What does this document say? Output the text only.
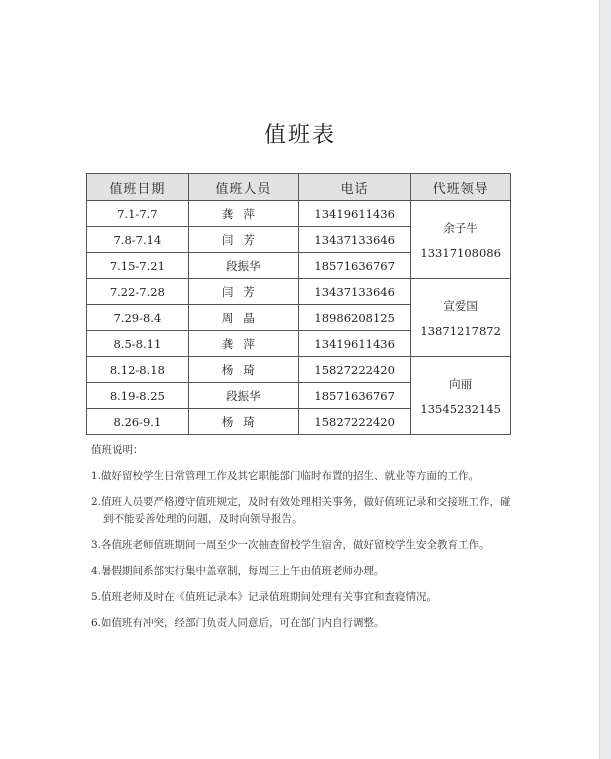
值班表
值班日期	值班人员	电话	代班领导
7.1-7.7	龚萍	13419611436	余子牛
13317108086
7.8-7.14	闫芳	13437133646	
7.15-7.21	段振华	18571636767	
7.22-7.28	闫芳	13437133646	宣爱国
13871217872
7.29-8.4	周晶	18986208125	
8.5-8.11	龚萍	13419611436	
8.12-8.18	杨琦	15827222420	向丽
13545232145
8.19-8.25	段振华	18571636767	
8.26-9.1	杨琦	15827222420	
值班说明：
1.做好留校学生日常管理工作及其它职能部门临时布置的招生、就业等方面的工作。
2.值班人员要严格遵守值班规定，及时有效处理相关事务，做好值班记录和交接班工作，碰
到不能妥善处理的问题，及时向领导报告。
3.各值班老师值班期间一周至少一次抽查留校学生宿舍，做好留校学生安全教育工作。
4.暑假期间系部实行集中盖章制，每周三上午由值班老师办理。
5.值班老师及时在《值班记录本》记录值班期间处理有关事宜和查寝情况。
6.如值班有冲突，经部门负责人同意后，可在部门内自行调整。
